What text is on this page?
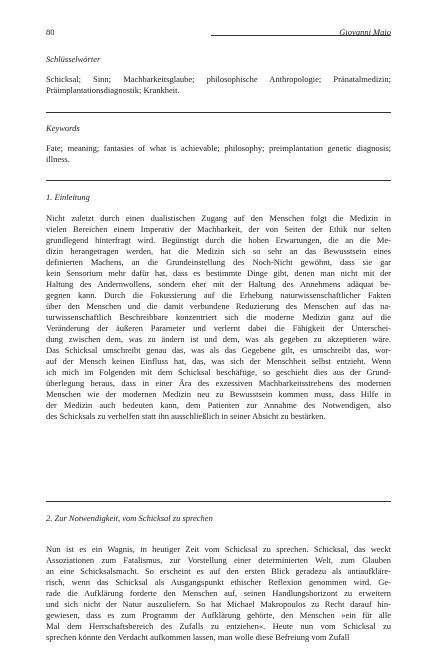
80	Giovanni Maio
Schlüsselwörter
Schicksal; Sinn; Machbarkeitsglaube; philosophische Anthropologie; Pränatalmedizin; Präimplantationsdiagnostik; Krankheit.
Keywords
Fate; meaning; fantasies of what is achievable; philosophy; preimplantation genetic diagnosis; illness.
1. Einleitung
Nicht zuletzt durch einen dualistischen Zugang auf den Menschen folgt die Medizin in
vielen Bereichen einem Imperativ der Machbarkeit, der von Seiten der Ethik nur selten
grundlegend hinterfragt wird. Begünstigt durch die hohen Erwartungen, die an die Me-
dizin herangetragen werden, hat die Medizin sich so sehr an das Bewusstsein eines
definierten Machens, an die Grundeinstellung des Noch-Nicht gewöhnt, dass sie gar
kein Sensorium mehr dafür hat, dass es bestimmte Dinge gibt, denen man nicht mit der
Haltung des Andernwollens, sondern eher mit der Haltung des Annehmens adäquat be-
gegnen kann. Durch die Fokussierung auf die Erhebung naturwissenschaftlicher Fakten
über den Menschen und die damit verbundene Reduzierung des Menschen auf das na-
turwissenschaftlich Beschreibbare konzentriert sich die moderne Medizin ganz auf die
Veränderung der äußeren Parameter und verlernt dabei die Fähigkeit der Unterschei-
dung zwischen dem, was zu ändern ist und dem, was als gegeben zu akzeptieren wäre.
Das Schicksal umschreibt genau das, was als das Gegebene gilt, es umschreibt das, wor-
auf der Mensch keinen Einfluss hat, das, was sich der Menschheit selbst entzieht. Wenn
ich mich im Folgenden mit dem Schicksal beschäftige, so geschieht dies aus der Grund-
überlegung heraus, dass in einer Ära des exzessiven Machbarkeitsstrebens des modernen
Menschen wie der modernen Medizin neu zu Bewusstsein kommen muss, dass Hilfe in
der Medizin auch bedeuten kann, dem Patienten zur Annahme des Notwendigen, also
des Schicksals zu verhelfen statt ihn ausschließlich in seiner Absicht zu bestärken.
2. Zur Notwendigkeit, vom Schicksal zu sprechen
Nun ist es ein Wagnis, in heutiger Zeit vom Schicksal zu sprechen. Schicksal, das weckt
Assoziationen zum Fatalismus, zur Vorstellung einer determinierten Welt, zum Glauben
an eine Schicksalsmacht. So erscheint es auf den ersten Blick geradezu als antiaufkläre-
risch, wenn das Schicksal als Ausgangspunkt ethischer Reflexion genommen wird. Ge-
rade die Aufklärung forderte den Menschen auf, seinen Handlungshorizont zu erweitern
und sich nicht der Natur auszuliefern. So hat Michael Makropoulos zu Recht darauf hin-
gewiesen, dass es zum Programm der Aufklärung gehörte, den Menschen »ein für alle
Mal dem Herrschaftsbereich des Zufalls zu entziehen«. Heute nun vom Schicksal zu
sprechen könnte den Verdacht aufkommen lassen, man wolle diese Befreiung vom Zufall
